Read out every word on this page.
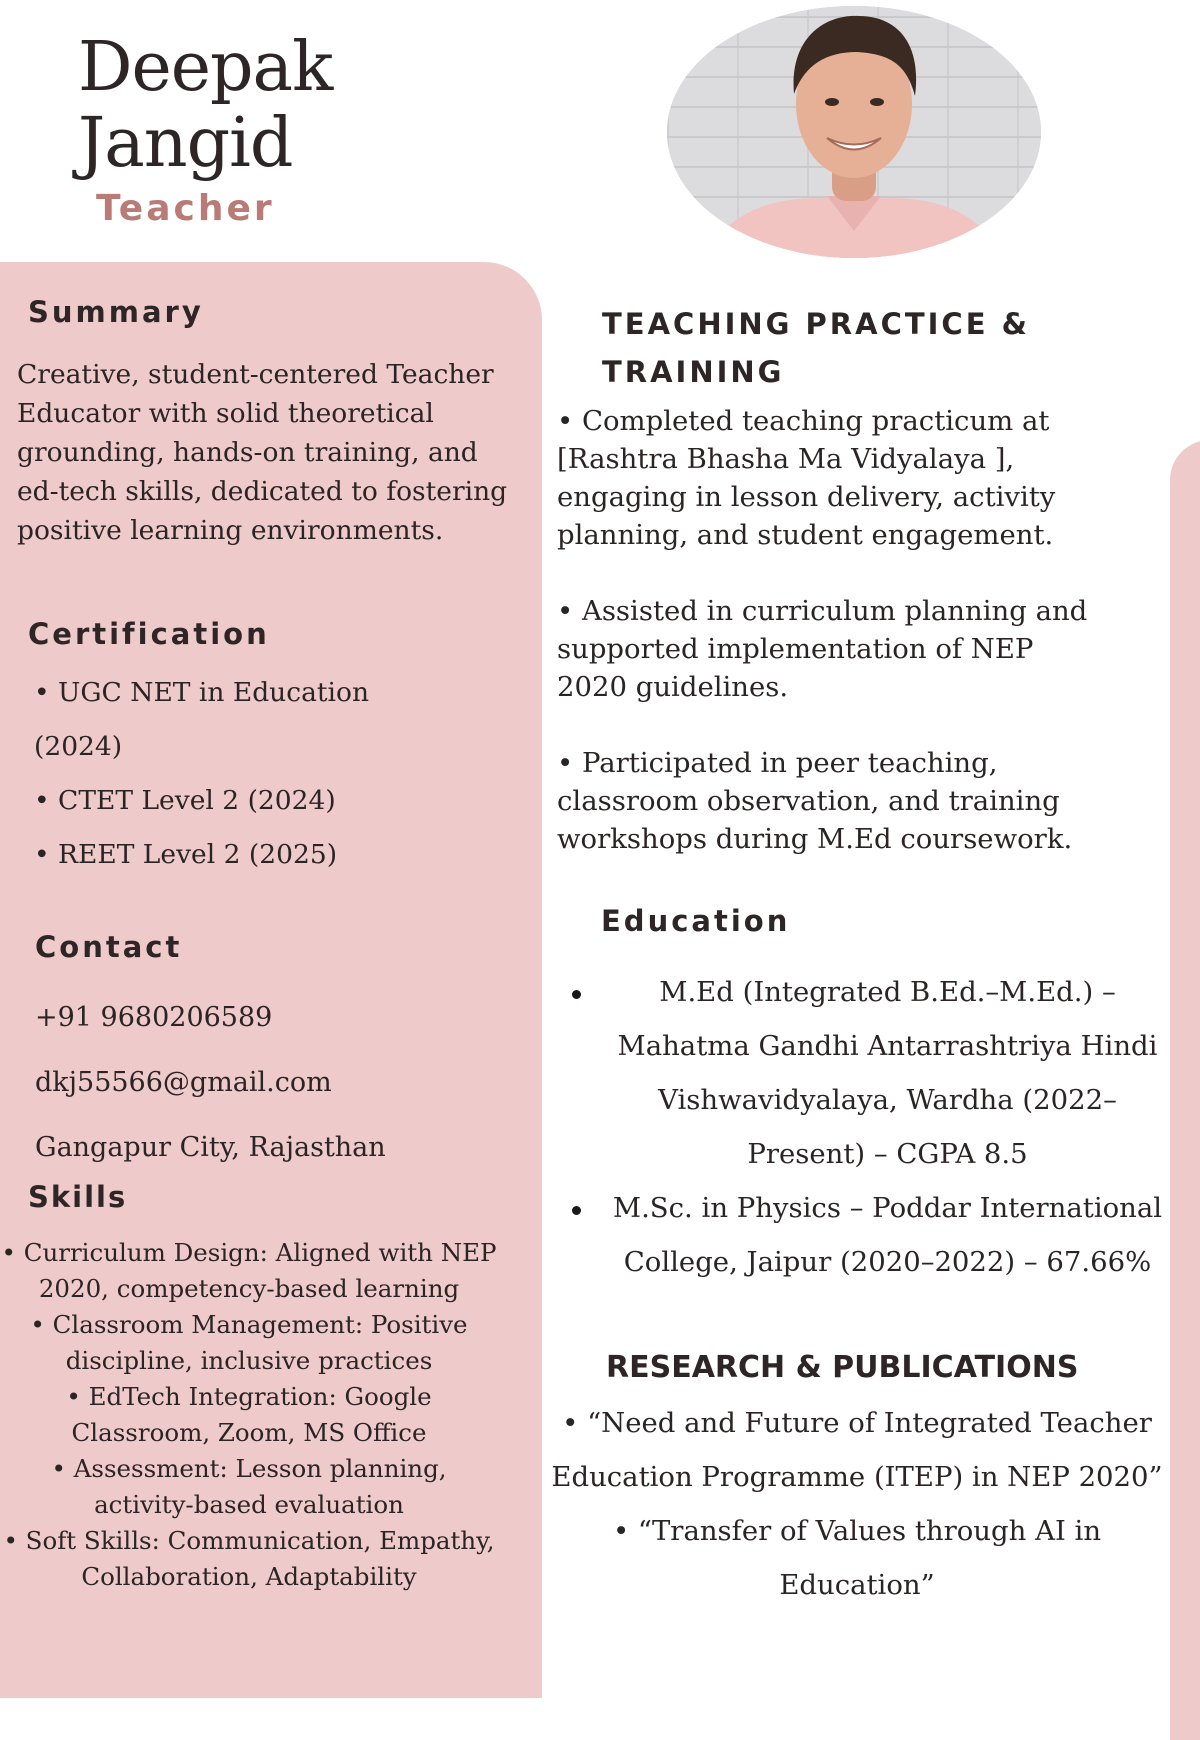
Deepak
Jangid
Teacher
Summary
Creative, student-centered Teacher Educator with solid theoretical grounding, hands-on training, and ed-tech skills, dedicated to fostering positive learning environments.
Certification
• UGC NET in Education
(2024)
• CTET Level 2 (2024)
• REET Level 2 (2025)
Contact
+91 9680206589
dkj55566@gmail.com
Gangapur City, Rajasthan
Skills
• Curriculum Design: Aligned with NEP 2020, competency-based learning
• Classroom Management: Positive discipline, inclusive practices
• EdTech Integration: Google Classroom, Zoom, MS Office
• Assessment: Lesson planning, activity-based evaluation
• Soft Skills: Communication, Empathy, Collaboration, Adaptability
TEACHING PRACTICE & TRAINING

• Completed teaching practicum at [Rashtra Bhasha Ma Vidyalaya ], engaging in lesson delivery, activity planning, and student engagement.

• Assisted in curriculum planning and supported implementation of NEP 2020 guidelines.

• Participated in peer teaching, classroom observation, and training workshops during M.Ed coursework.

Education
M.Ed (Integrated B.Ed.–M.Ed.) – Mahatma Gandhi Antarrashtriya Hindi Vishwavidyalaya, Wardha (2022–Present) – CGPA 8.5
M.Sc. in Physics – Poddar International College, Jaipur (2020–2022) – 67.66%
RESEARCH & PUBLICATIONS
• “Need and Future of Integrated Teacher Education Programme (ITEP) in NEP 2020”
• “Transfer of Values through AI in Education”
